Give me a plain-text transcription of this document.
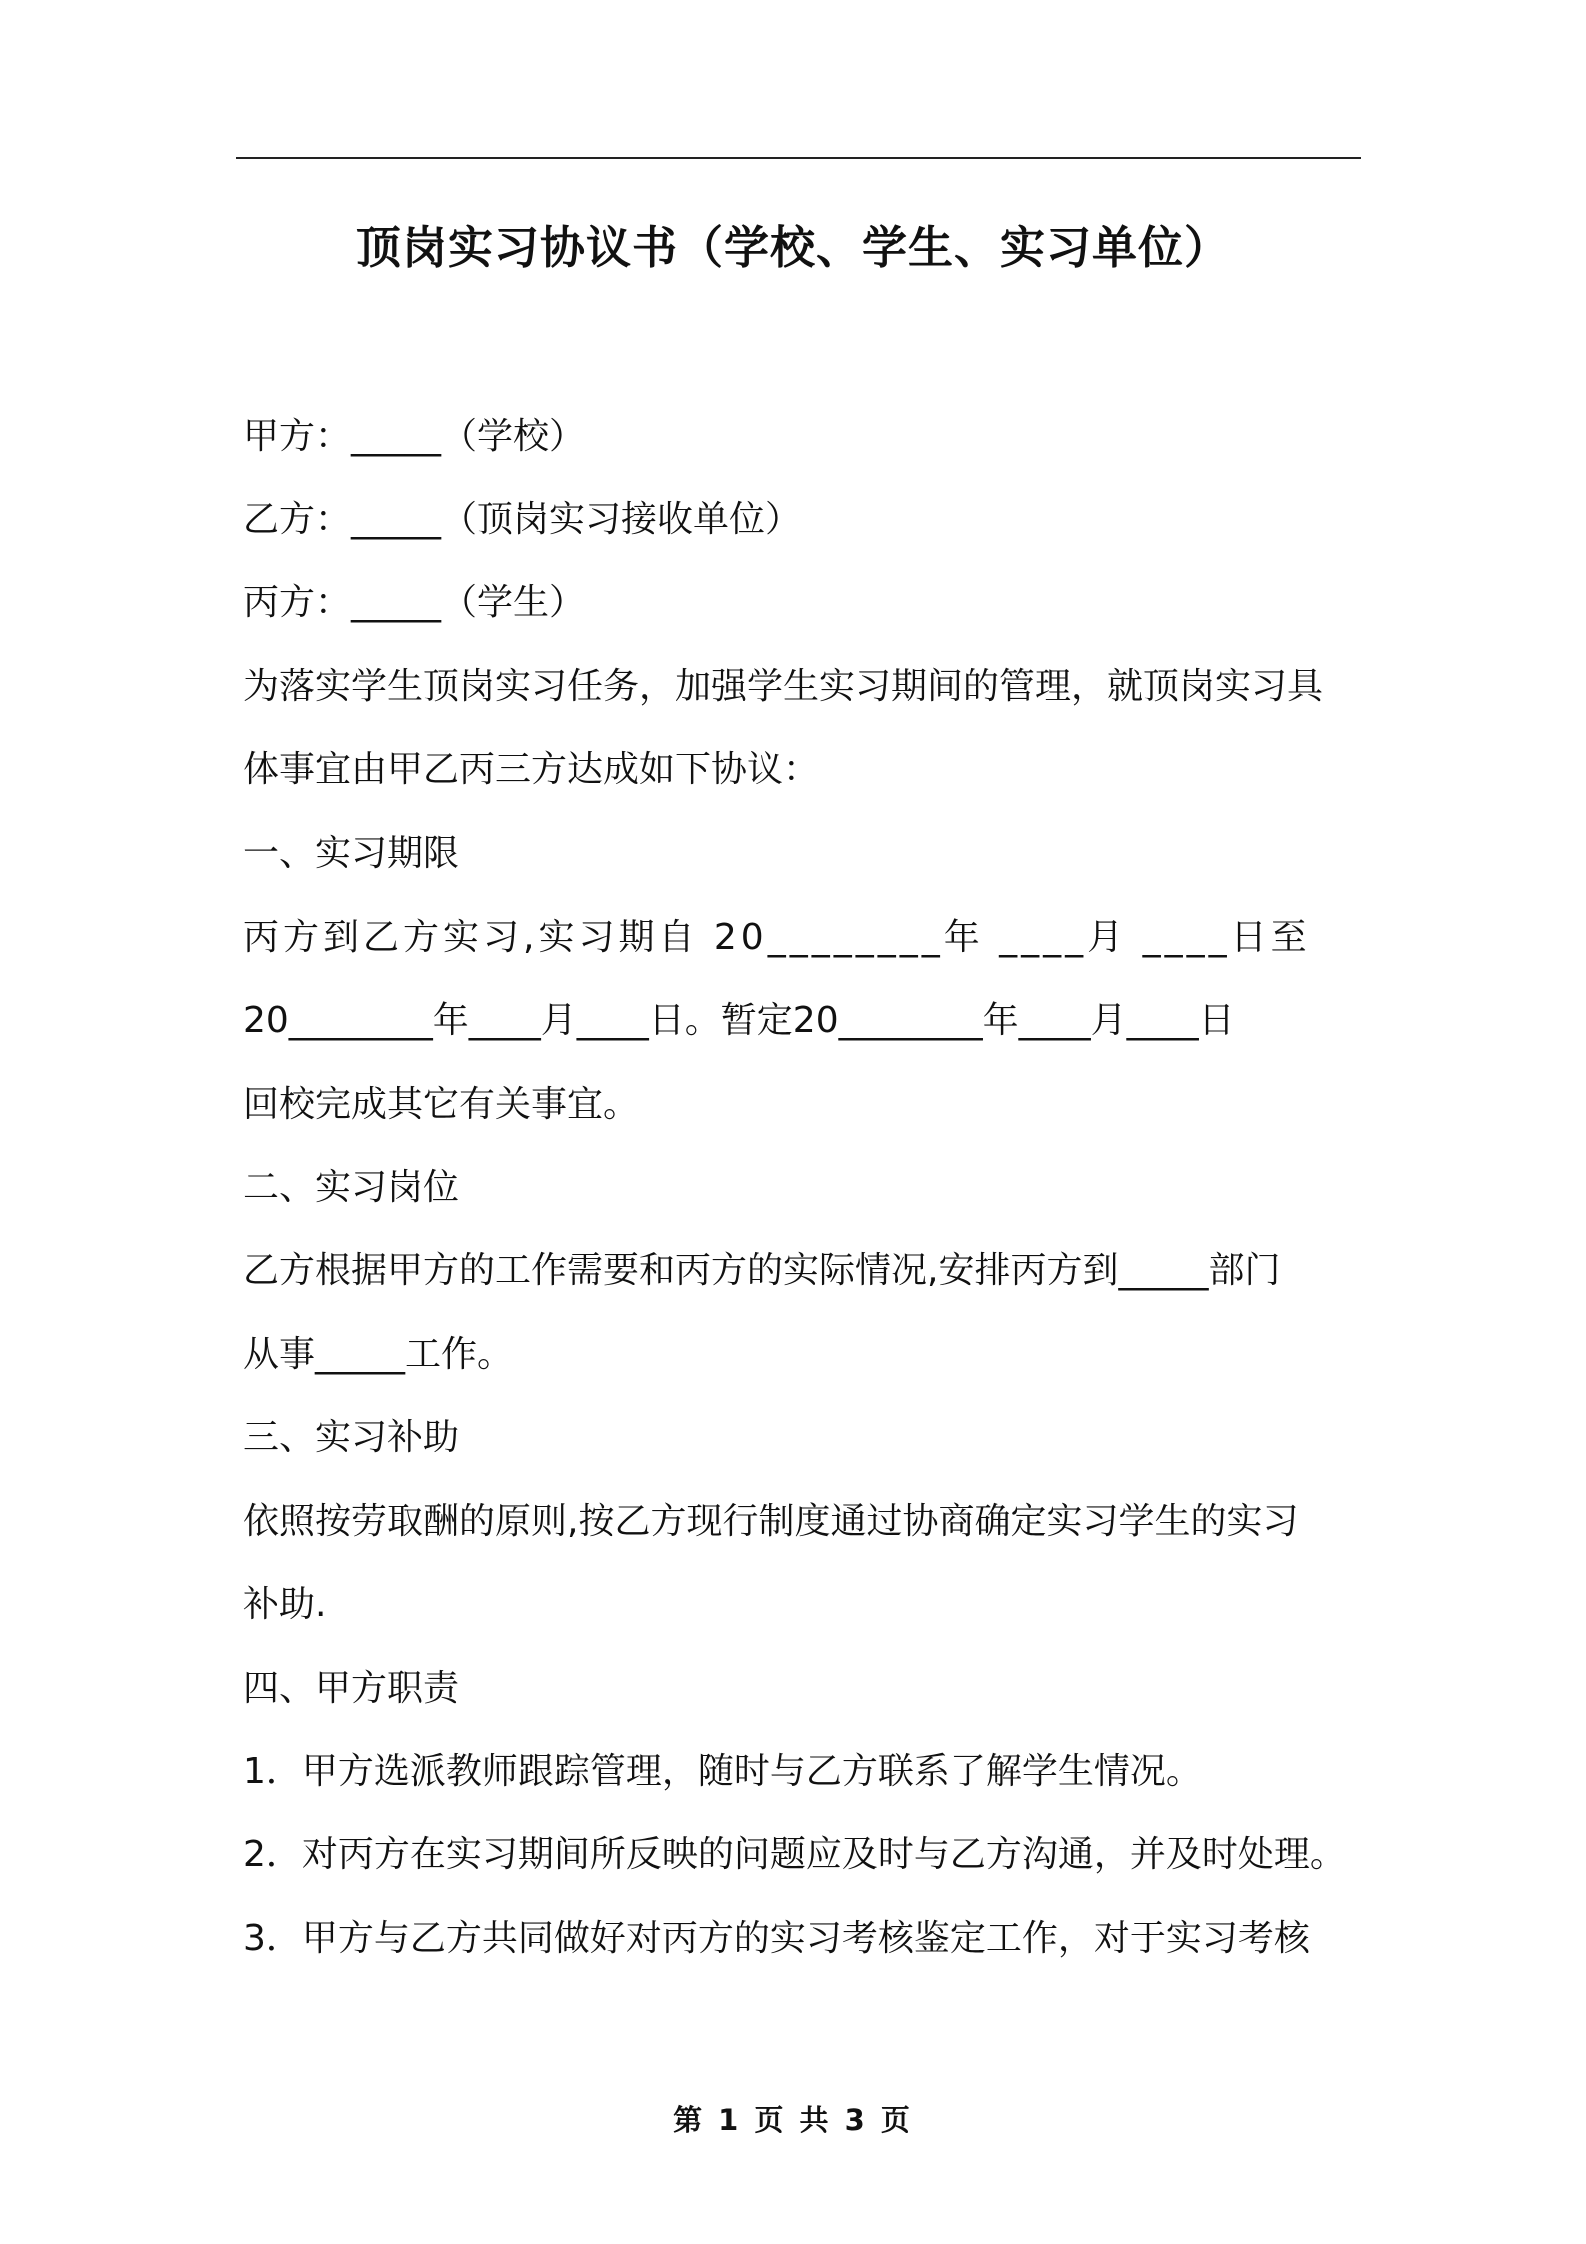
顶岗实习协议书（学校、学生、实习单位）
甲方：_____（学校）
乙方：_____（顶岗实习接收单位）
丙方：_____（学生）
为落实学生顶岗实习任务，加强学生实习期间的管理，就顶岗实习具
体事宜由甲乙丙三方达成如下协议：
一、实习期限
丙方到乙方实习,实习期自 20________年 ____月 ____日至
20________年____月____日。暂定20________年____月____日
回校完成其它有关事宜。
二、实习岗位
乙方根据甲方的工作需要和丙方的实际情况,安排丙方到_____部门
从事_____工作。
三、实习补助
依照按劳取酬的原则,按乙方现行制度通过协商确定实习学生的实习
补助.
四、甲方职责
1．甲方选派教师跟踪管理，随时与乙方联系了解学生情况。
2．对丙方在实习期间所反映的问题应及时与乙方沟通，并及时处理。
3．甲方与乙方共同做好对丙方的实习考核鉴定工作，对于实习考核
第 1 页 共 3 页
